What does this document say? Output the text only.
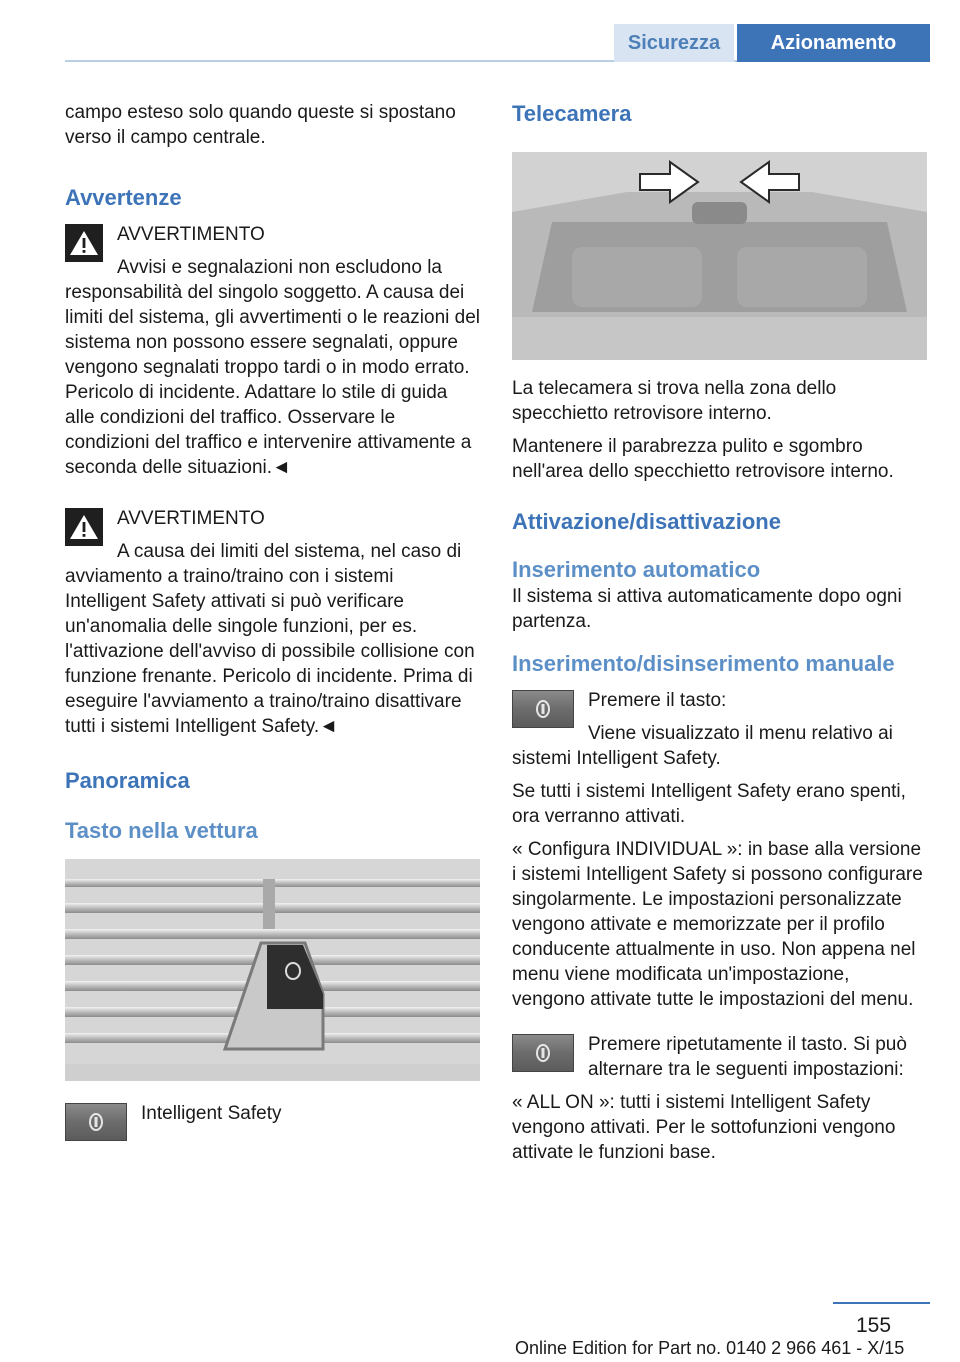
Sicurezza	Azionamento

campo esteso solo quando queste si spostano verso il campo centrale.

Avvertenze

AVVERTIMENTO

Avvisi e segnalazioni non escludono la responsabilità del singolo soggetto. A causa dei limiti del sistema, gli avvertimenti o le reazioni del sistema non possono essere segnalati, oppure vengono segnalati troppo tardi o in modo errato. Pericolo di incidente. Adattare lo stile di guida alle condizioni del traffico. Osservare le condizioni del traffico e intervenire attivamente a seconda delle situazioni.◄

AVVERTIMENTO

A causa dei limiti del sistema, nel caso di avviamento a traino/traino con i sistemi Intelligent Safety attivati si può verificare un'anomalia delle singole funzioni, per es. l'attivazione dell'avviso di possibile collisione con funzione frenante. Pericolo di incidente. Prima di eseguire l'avviamento a traino/traino disattivare tutti i sistemi Intelligent Safety.◄

Panoramica
Tasto nella vettura

Intelligent Safety

Telecamera

La telecamera si trova nella zona dello specchietto retrovisore interno.

Mantenere il parabrezza pulito e sgombro nell'area dello specchietto retrovisore interno.

Attivazione/disattivazione
Inserimento automatico

Il sistema si attiva automaticamente dopo ogni partenza.

Inserimento/disinserimento manuale

Premere il tasto:

Viene visualizzato il menu relativo ai sistemi Intelligent Safety.

Se tutti i sistemi Intelligent Safety erano spenti, ora verranno attivati.

« Configura INDIVIDUAL »: in base alla versione i sistemi Intelligent Safety si possono configurare singolarmente. Le impostazioni personalizzate vengono attivate e memorizzate per il profilo conducente attualmente in uso. Non appena nel menu viene modificata un'impostazione, vengono attivate tutte le impostazioni del menu.

Premere ripetutamente il tasto. Si può alternare tra le seguenti impostazioni:

« ALL ON »: tutti i sistemi Intelligent Safety vengono attivati. Per le sottofunzioni vengono attivate le funzioni base.

155
Online Edition for Part no. 0140 2 966 461 - X/15
